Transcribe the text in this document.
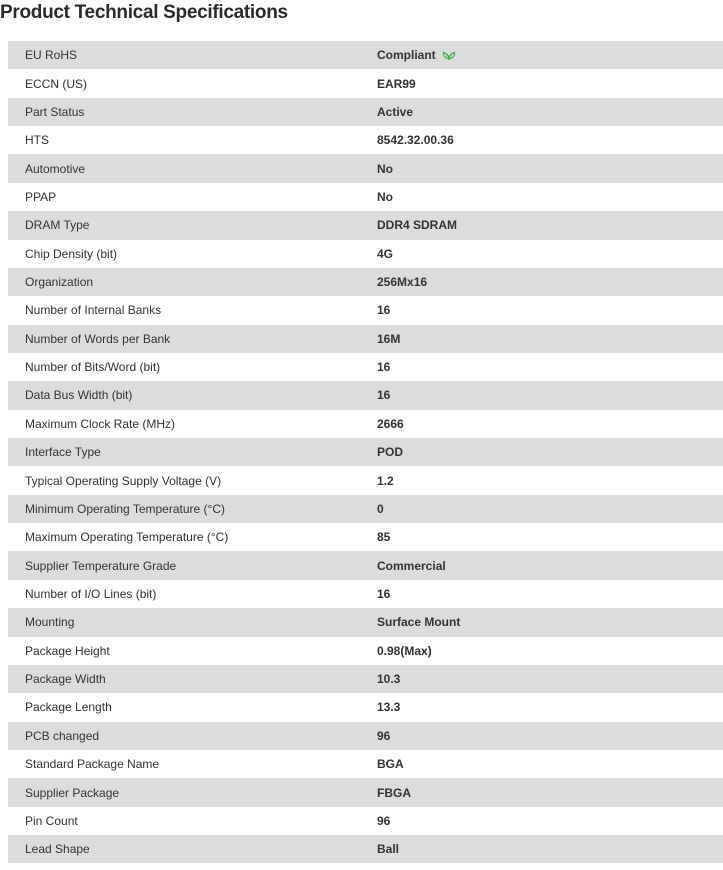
Product Technical Specifications
EU RoHS	Compliant
ECCN (US)	EAR99
Part Status	Active
HTS	8542.32.00.36
Automotive	No
PPAP	No
DRAM Type	DDR4 SDRAM
Chip Density (bit)	4G
Organization	256Mx16
Number of Internal Banks	16
Number of Words per Bank	16M
Number of Bits/Word (bit)	16
Data Bus Width (bit)	16
Maximum Clock Rate (MHz)	2666
Interface Type	POD
Typical Operating Supply Voltage (V)	1.2
Minimum Operating Temperature (°C)	0
Maximum Operating Temperature (°C)	85
Supplier Temperature Grade	Commercial
Number of I/O Lines (bit)	16
Mounting	Surface Mount
Package Height	0.98(Max)
Package Width	10.3
Package Length	13.3
PCB changed	96
Standard Package Name	BGA
Supplier Package	FBGA
Pin Count	96
Lead Shape	Ball
